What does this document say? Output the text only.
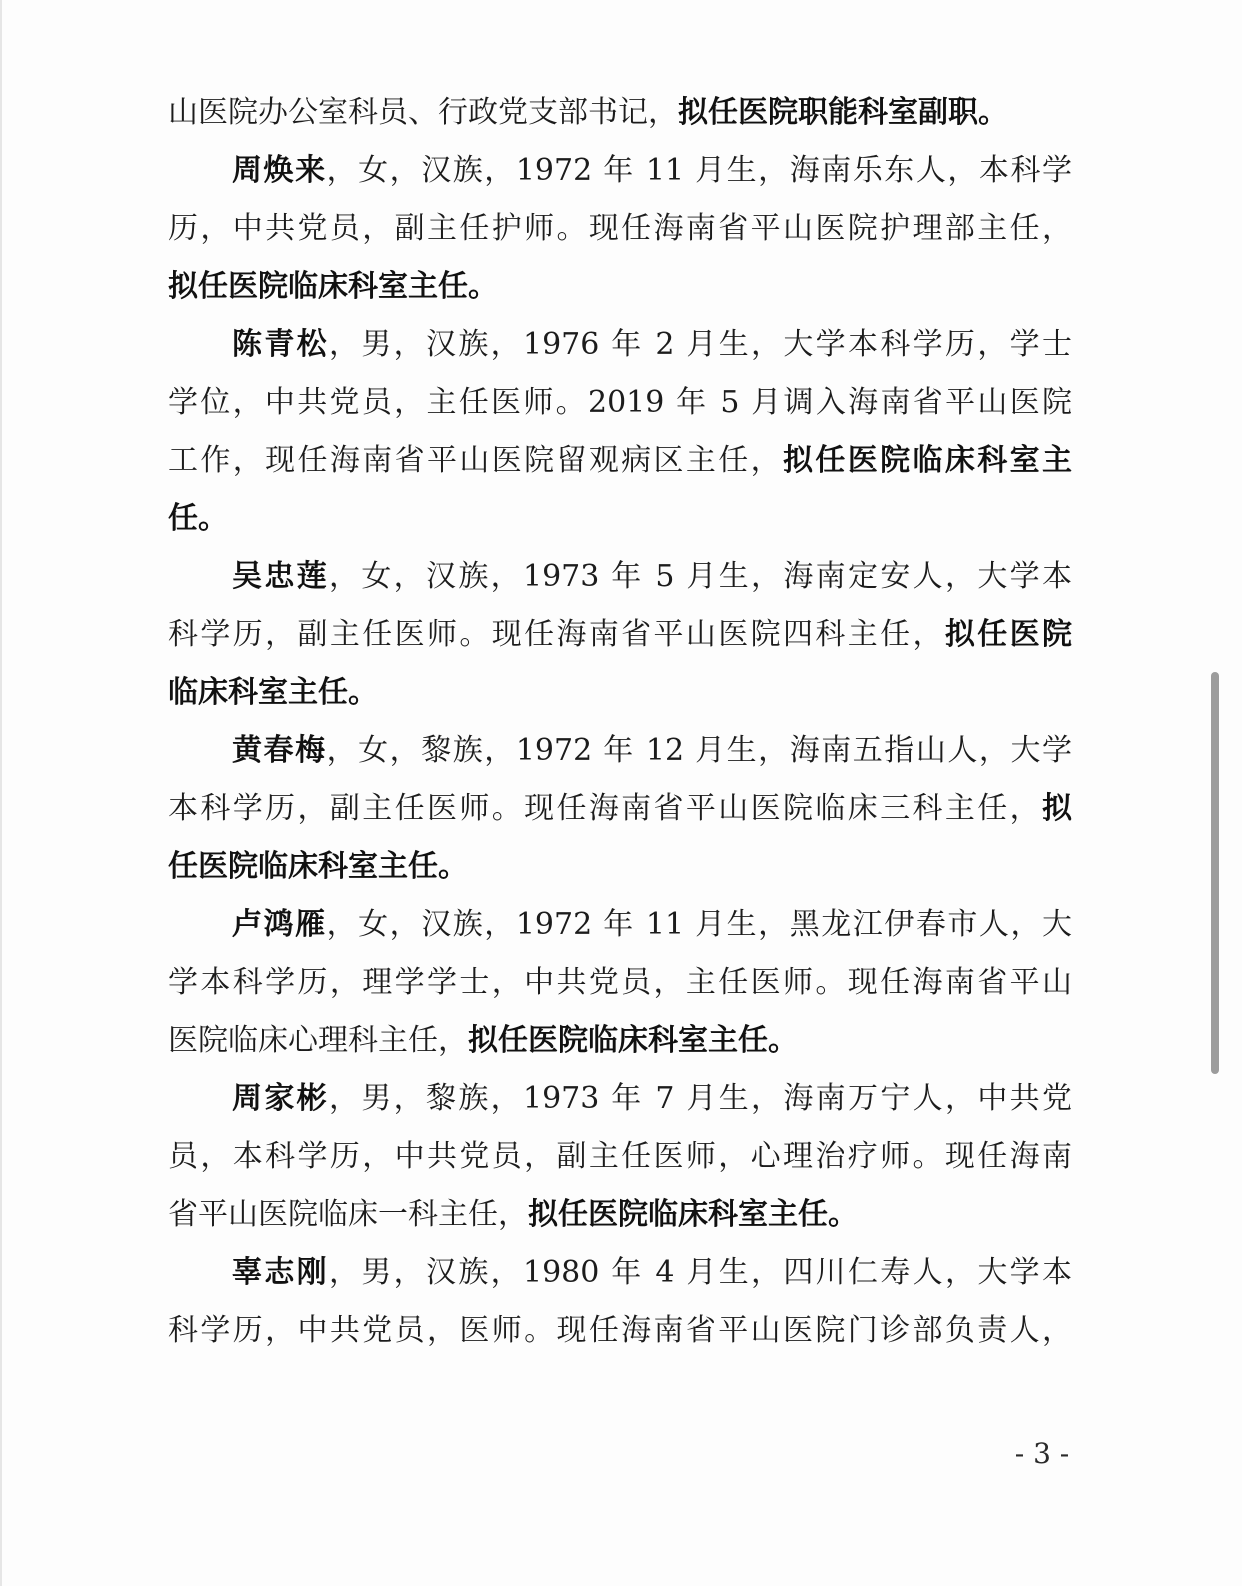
山医院办公室科员、行政党支部书记，拟任医院职能科室副职。
周焕来，女，汉族，1972 年 11 月生，海南乐东人，本科学
历，中共党员，副主任护师。现任海南省平山医院护理部主任，
拟任医院临床科室主任。
陈青松，男，汉族，1976 年 2 月生，大学本科学历，学士
学位，中共党员，主任医师。2019 年 5 月调入海南省平山医院
工作，现任海南省平山医院留观病区主任，拟任医院临床科室主
任。
吴忠莲，女，汉族，1973 年 5 月生，海南定安人，大学本
科学历，副主任医师。现任海南省平山医院四科主任，拟任医院
临床科室主任。
黄春梅，女，黎族，1972 年 12 月生，海南五指山人，大学
本科学历，副主任医师。现任海南省平山医院临床三科主任，拟
任医院临床科室主任。
卢鸿雁，女，汉族，1972 年 11 月生，黑龙江伊春市人，大
学本科学历，理学学士，中共党员，主任医师。现任海南省平山
医院临床心理科主任，拟任医院临床科室主任。
周家彬，男，黎族，1973 年 7 月生，海南万宁人，中共党
员，本科学历，中共党员，副主任医师，心理治疗师。现任海南
省平山医院临床一科主任，拟任医院临床科室主任。
辜志刚，男，汉族，1980 年 4 月生，四川仁寿人，大学本
科学历，中共党员，医师。现任海南省平山医院门诊部负责人，
- 3 -
